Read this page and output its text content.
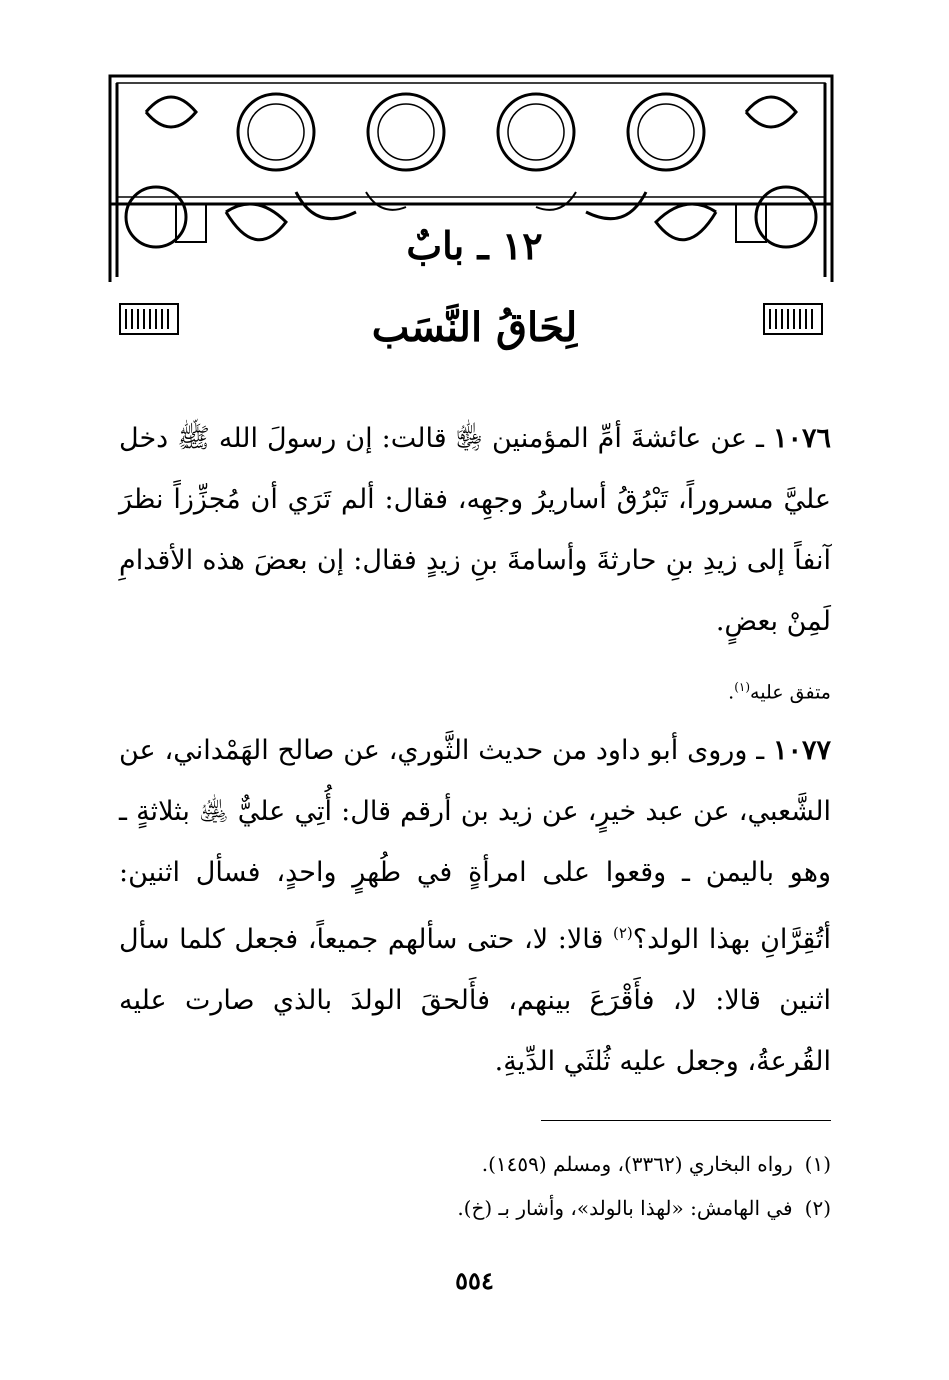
١٢ ـ بابٌ
لِحَاقُ النَّسَب
١٠٧٦ ـ عن عائشةَ أمِّ المؤمنين ﵂ قالت: إن رسولَ الله ﷺ دخل عليَّ مسروراً، تَبْرُقُ أساريرُ وجهِه، فقال: ألم تَرَي أن مُجزِّزاً نظرَ آنفاً إلى زيدِ بنِ حارثةَ وأسامةَ بنِ زيدٍ فقال: إن بعضَ هذه الأقدامِ لَمِنْ بعضٍ.
متفق عليه$^{(١)}$.
١٠٧٧ ـ وروى أبو داود من حديث الثَّوري، عن صالح الهَمْداني، عن الشَّعبي، عن عبد خيرٍ، عن زيد بن أرقم قال: أُتِي عليٌّ ﵁ بثلاثةٍ ـ وهو باليمن ـ وقعوا على امرأةٍ في طُهرٍ واحدٍ، فسأل اثنين: أتُقِرَّانِ بهذا الولد؟$^{(٢)}$ قالا: لا، حتى سألهم جميعاً، فجعل كلما سأل اثنين قالا: لا، فأَقْرَعَ بينهم، فأَلحقَ الولدَ بالذي صارت عليه القُرعةُ، وجعل عليه ثُلثَي الدِّيةِ.
(١)رواه البخاري (٣٣٦٢)، ومسلم (١٤٥٩).
(٢)في الهامش: «لهذا بالولد»، وأشار بـ (خ).
٥٥٤
